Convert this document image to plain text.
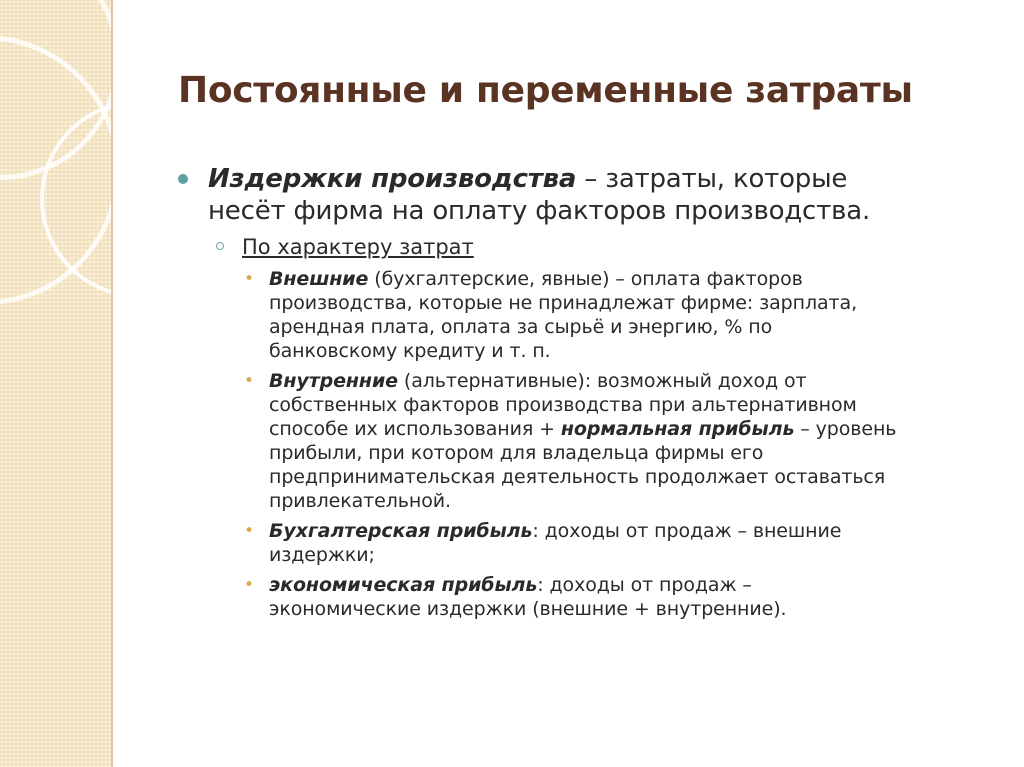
Постоянные и переменные затраты
Издержки производства – затраты, которые
несёт фирма на оплату факторов производства.
По характеру затрат
• Внешние (бухгалтерские, явные) – оплата факторов
производства, которые не принадлежат фирме: зарплата,
арендная плата, оплата за сырьё и энергию, % по
банковскому кредиту и т. п.
• Внутренние (альтернативные): возможный доход от
собственных факторов производства при альтернативном
способе их использования + нормальная прибыль – уровень
прибыли, при котором для владельца фирмы его
предпринимательская деятельность продолжает оставаться
привлекательной.
• Бухгалтерская прибыль: доходы от продаж – внешние
издержки;
• экономическая прибыль: доходы от продаж –
экономические издержки (внешние + внутренние).
